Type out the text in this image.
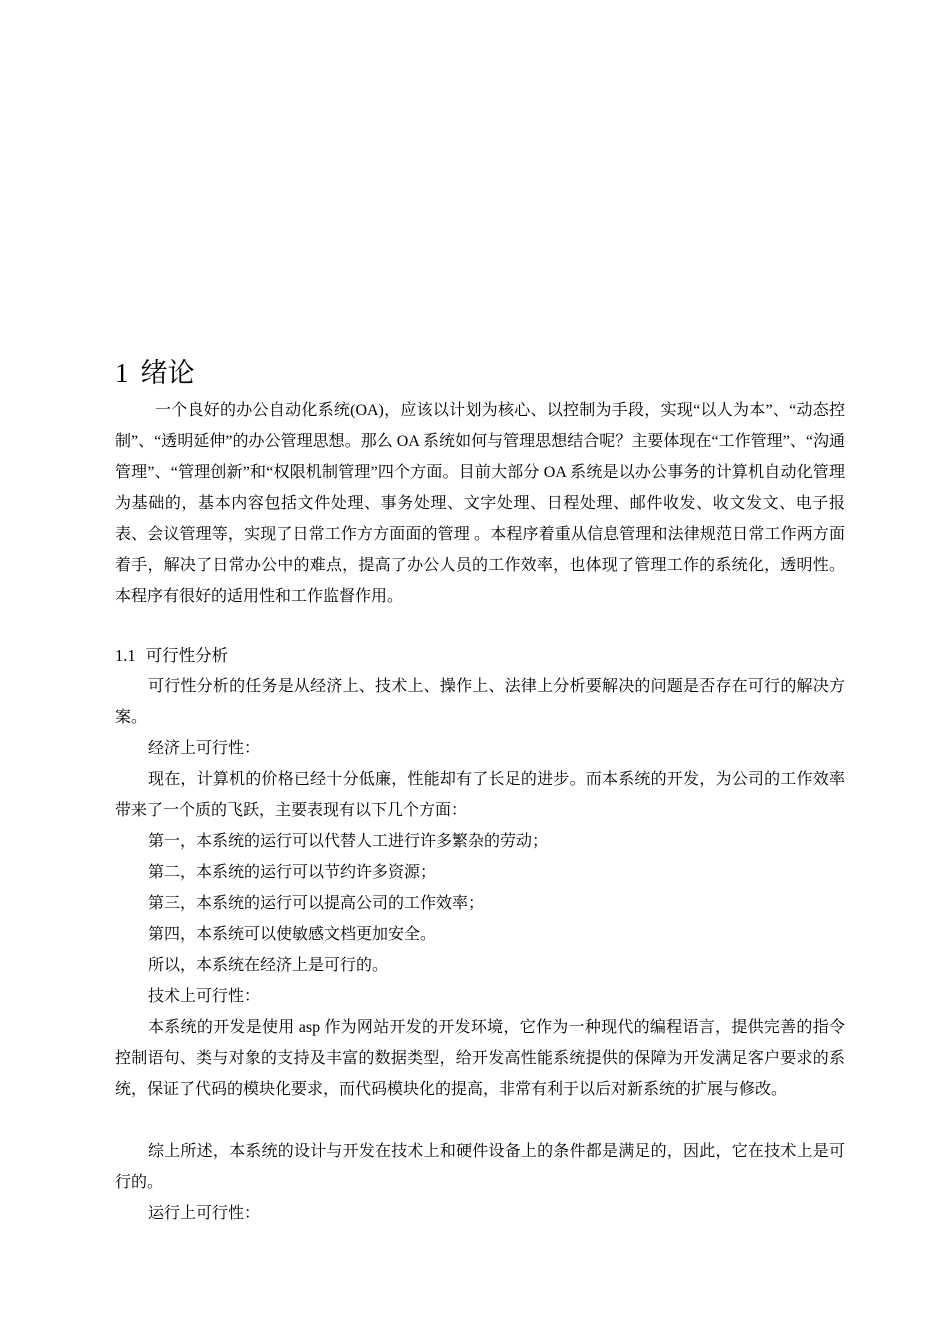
1 绪论

一个良好的办公自动化系统(OA)，应该以计划为核心、以控制为手段，实现“以人为本”、“动态控制”、“透明延伸”的办公管理思想。那么 OA 系统如何与管理思想结合呢？主要体现在“工作管理”、“沟通管理”、“管理创新”和“权限机制管理”四个方面。目前大部分 OA 系统是以办公事务的计算机自动化管理为基础的，基本内容包括文件处理、事务处理、文字处理、日程处理、邮件收发、收文发文、电子报表、会议管理等，实现了日常工作方方面面的管理 。本程序着重从信息管理和法律规范日常工作两方面着手，解决了日常办公中的难点，提高了办公人员的工作效率，也体现了管理工作的系统化，透明性。本程序有很好的适用性和工作监督作用。

1.1 可行性分析

可行性分析的任务是从经济上、技术上、操作上、法律上分析要解决的问题是否存在可行的解决方案。

经济上可行性：

现在，计算机的价格已经十分低廉，性能却有了长足的进步。而本系统的开发，为公司的工作效率带来了一个质的飞跃，主要表现有以下几个方面：

第一，本系统的运行可以代替人工进行许多繁杂的劳动；
第二，本系统的运行可以节约许多资源；
第三，本系统的运行可以提高公司的工作效率；
第四，本系统可以使敏感文档更加安全。
所以，本系统在经济上是可行的。
技术上可行性：

本系统的开发是使用 asp 作为网站开发的开发环境，它作为一种现代的编程语言，提供完善的指令控制语句、类与对象的支持及丰富的数据类型，给开发高性能系统提供的保障为开发满足客户要求的系统，保证了代码的模块化要求，而代码模块化的提高，非常有利于以后对新系统的扩展与修改。

综上所述，本系统的设计与开发在技术上和硬件设备上的条件都是满足的，因此，它在技术上是可行的。

运行上可行性：
